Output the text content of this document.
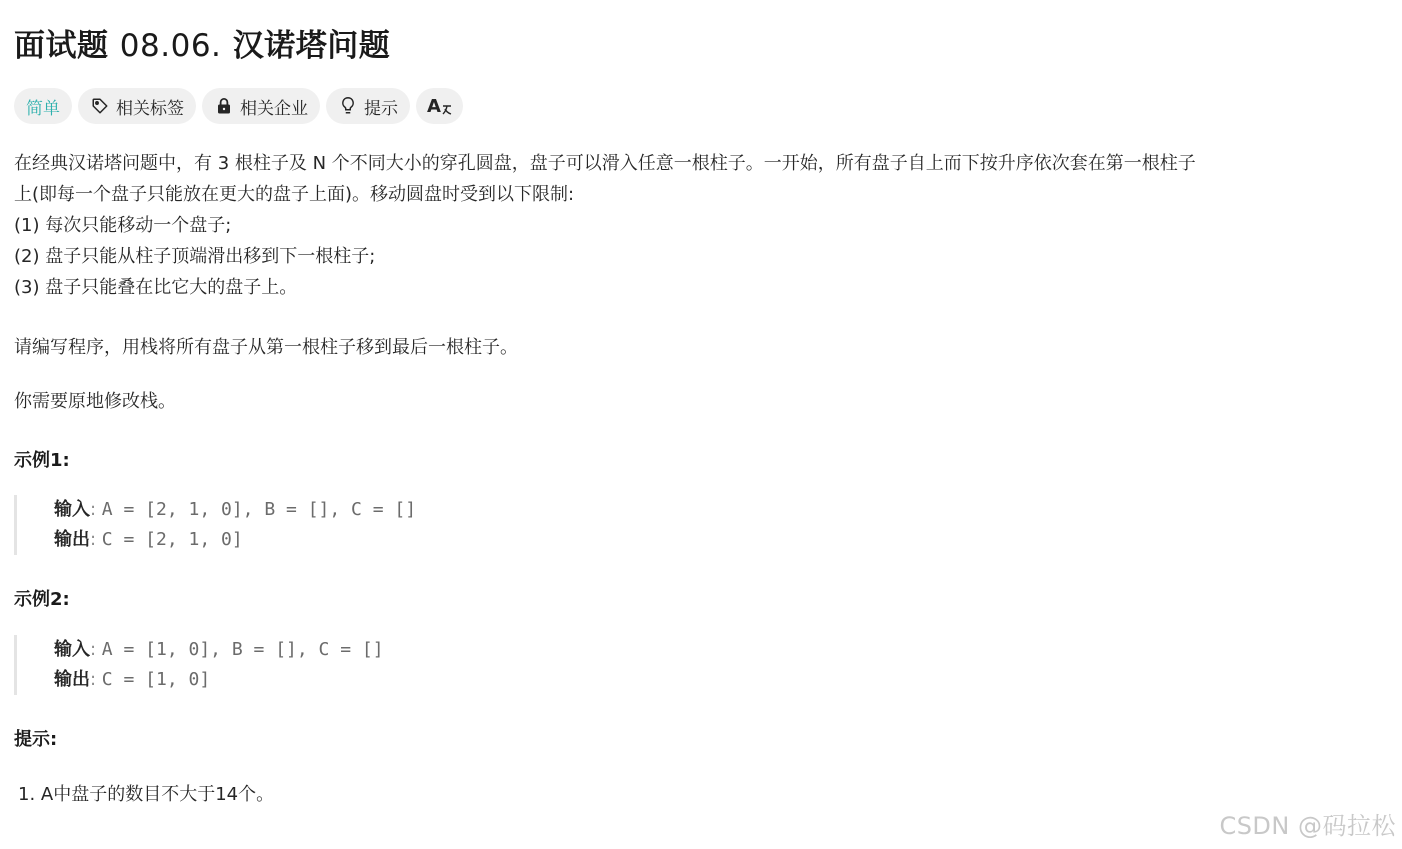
面试题 08.06. 汉诺塔问题
简单	相关标签	相关企业	提示 A

在经典汉诺塔问题中，有 3 根柱子及 N 个不同大小的穿孔圆盘，盘子可以滑入任意一根柱子。一开始，所有盘子自上而下按升序依次套在第一根柱子

上(即每一个盘子只能放在更大的盘子上面)。移动圆盘时受到以下限制:

(1) 每次只能移动一个盘子;

(2) 盘子只能从柱子顶端滑出移到下一根柱子;

(3) 盘子只能叠在比它大的盘子上。

请编写程序，用栈将所有盘子从第一根柱子移到最后一根柱子。
你需要原地修改栈。
示例1:
输入: A = [2, 1, 0], B = [], C = []
输出: C = [2, 1, 0]
示例2:
输入: A = [1, 0], B = [], C = []
输出: C = [1, 0]
提示:
1. A中盘子的数目不大于14个。
CSDN @码拉松
